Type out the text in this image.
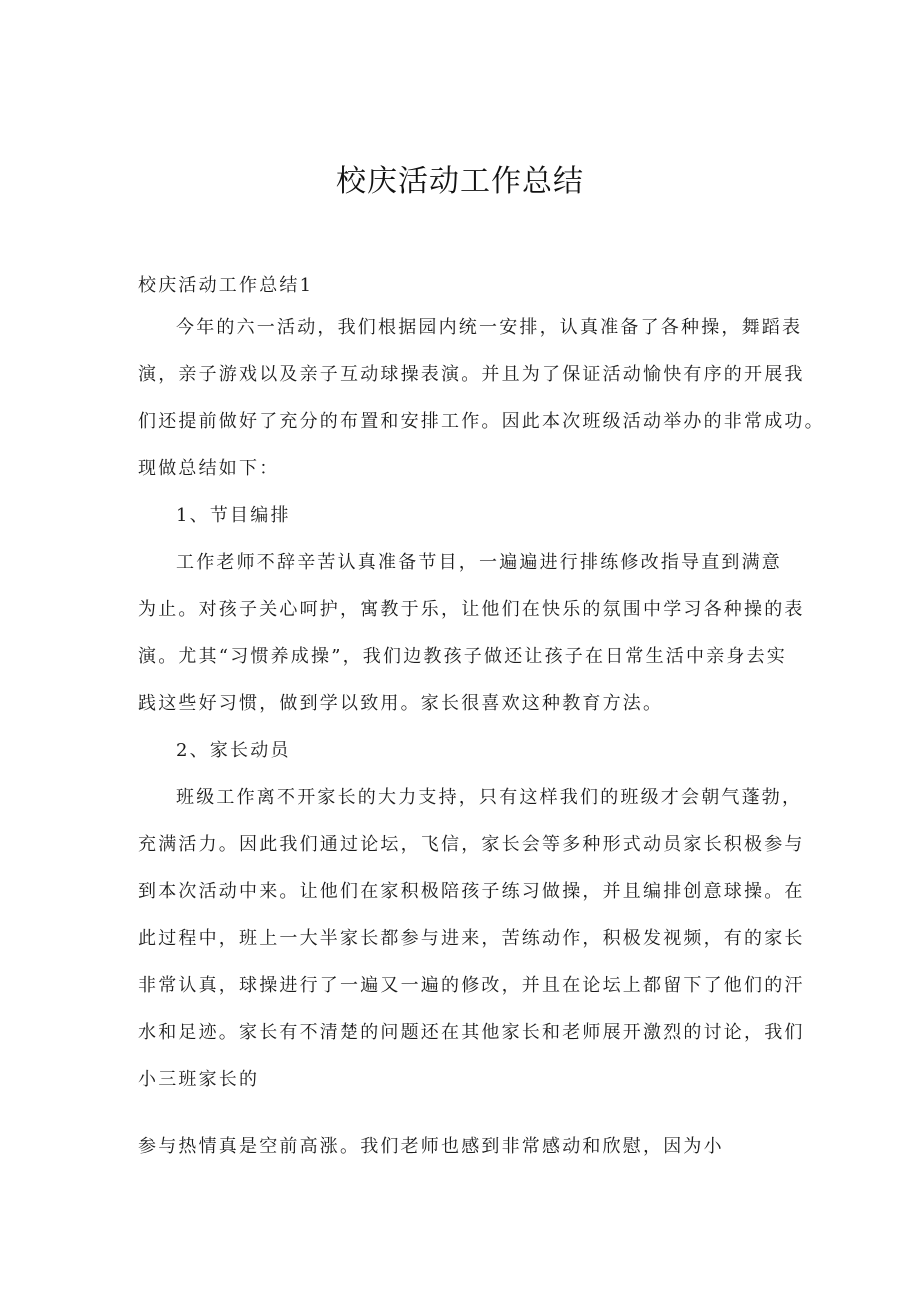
校庆活动工作总结

校庆活动工作总结1

今年的六一活动，我们根据园内统一安排，认真准备了各种操，舞蹈表
演，亲子游戏以及亲子互动球操表演。并且为了保证活动愉快有序的开展我
们还提前做好了充分的布置和安排工作。因此本次班级活动举办的非常成功。
现做总结如下：

1、节目编排

工作老师不辞辛苦认真准备节目，一遍遍进行排练修改指导直到满意
为止。对孩子关心呵护，寓教于乐，让他们在快乐的氛围中学习各种操的表
演。尤其“习惯养成操”，我们边教孩子做还让孩子在日常生活中亲身去实
践这些好习惯，做到学以致用。家长很喜欢这种教育方法。

2、家长动员

班级工作离不开家长的大力支持，只有这样我们的班级才会朝气蓬勃，
充满活力。因此我们通过论坛，飞信，家长会等多种形式动员家长积极参与
到本次活动中来。让他们在家积极陪孩子练习做操，并且编排创意球操。在
此过程中，班上一大半家长都参与进来，苦练动作，积极发视频，有的家长
非常认真，球操进行了一遍又一遍的修改，并且在论坛上都留下了他们的汗
水和足迹。家长有不清楚的问题还在其他家长和老师展开激烈的讨论，我们
小三班家长的

参与热情真是空前高涨。我们老师也感到非常感动和欣慰，因为小
